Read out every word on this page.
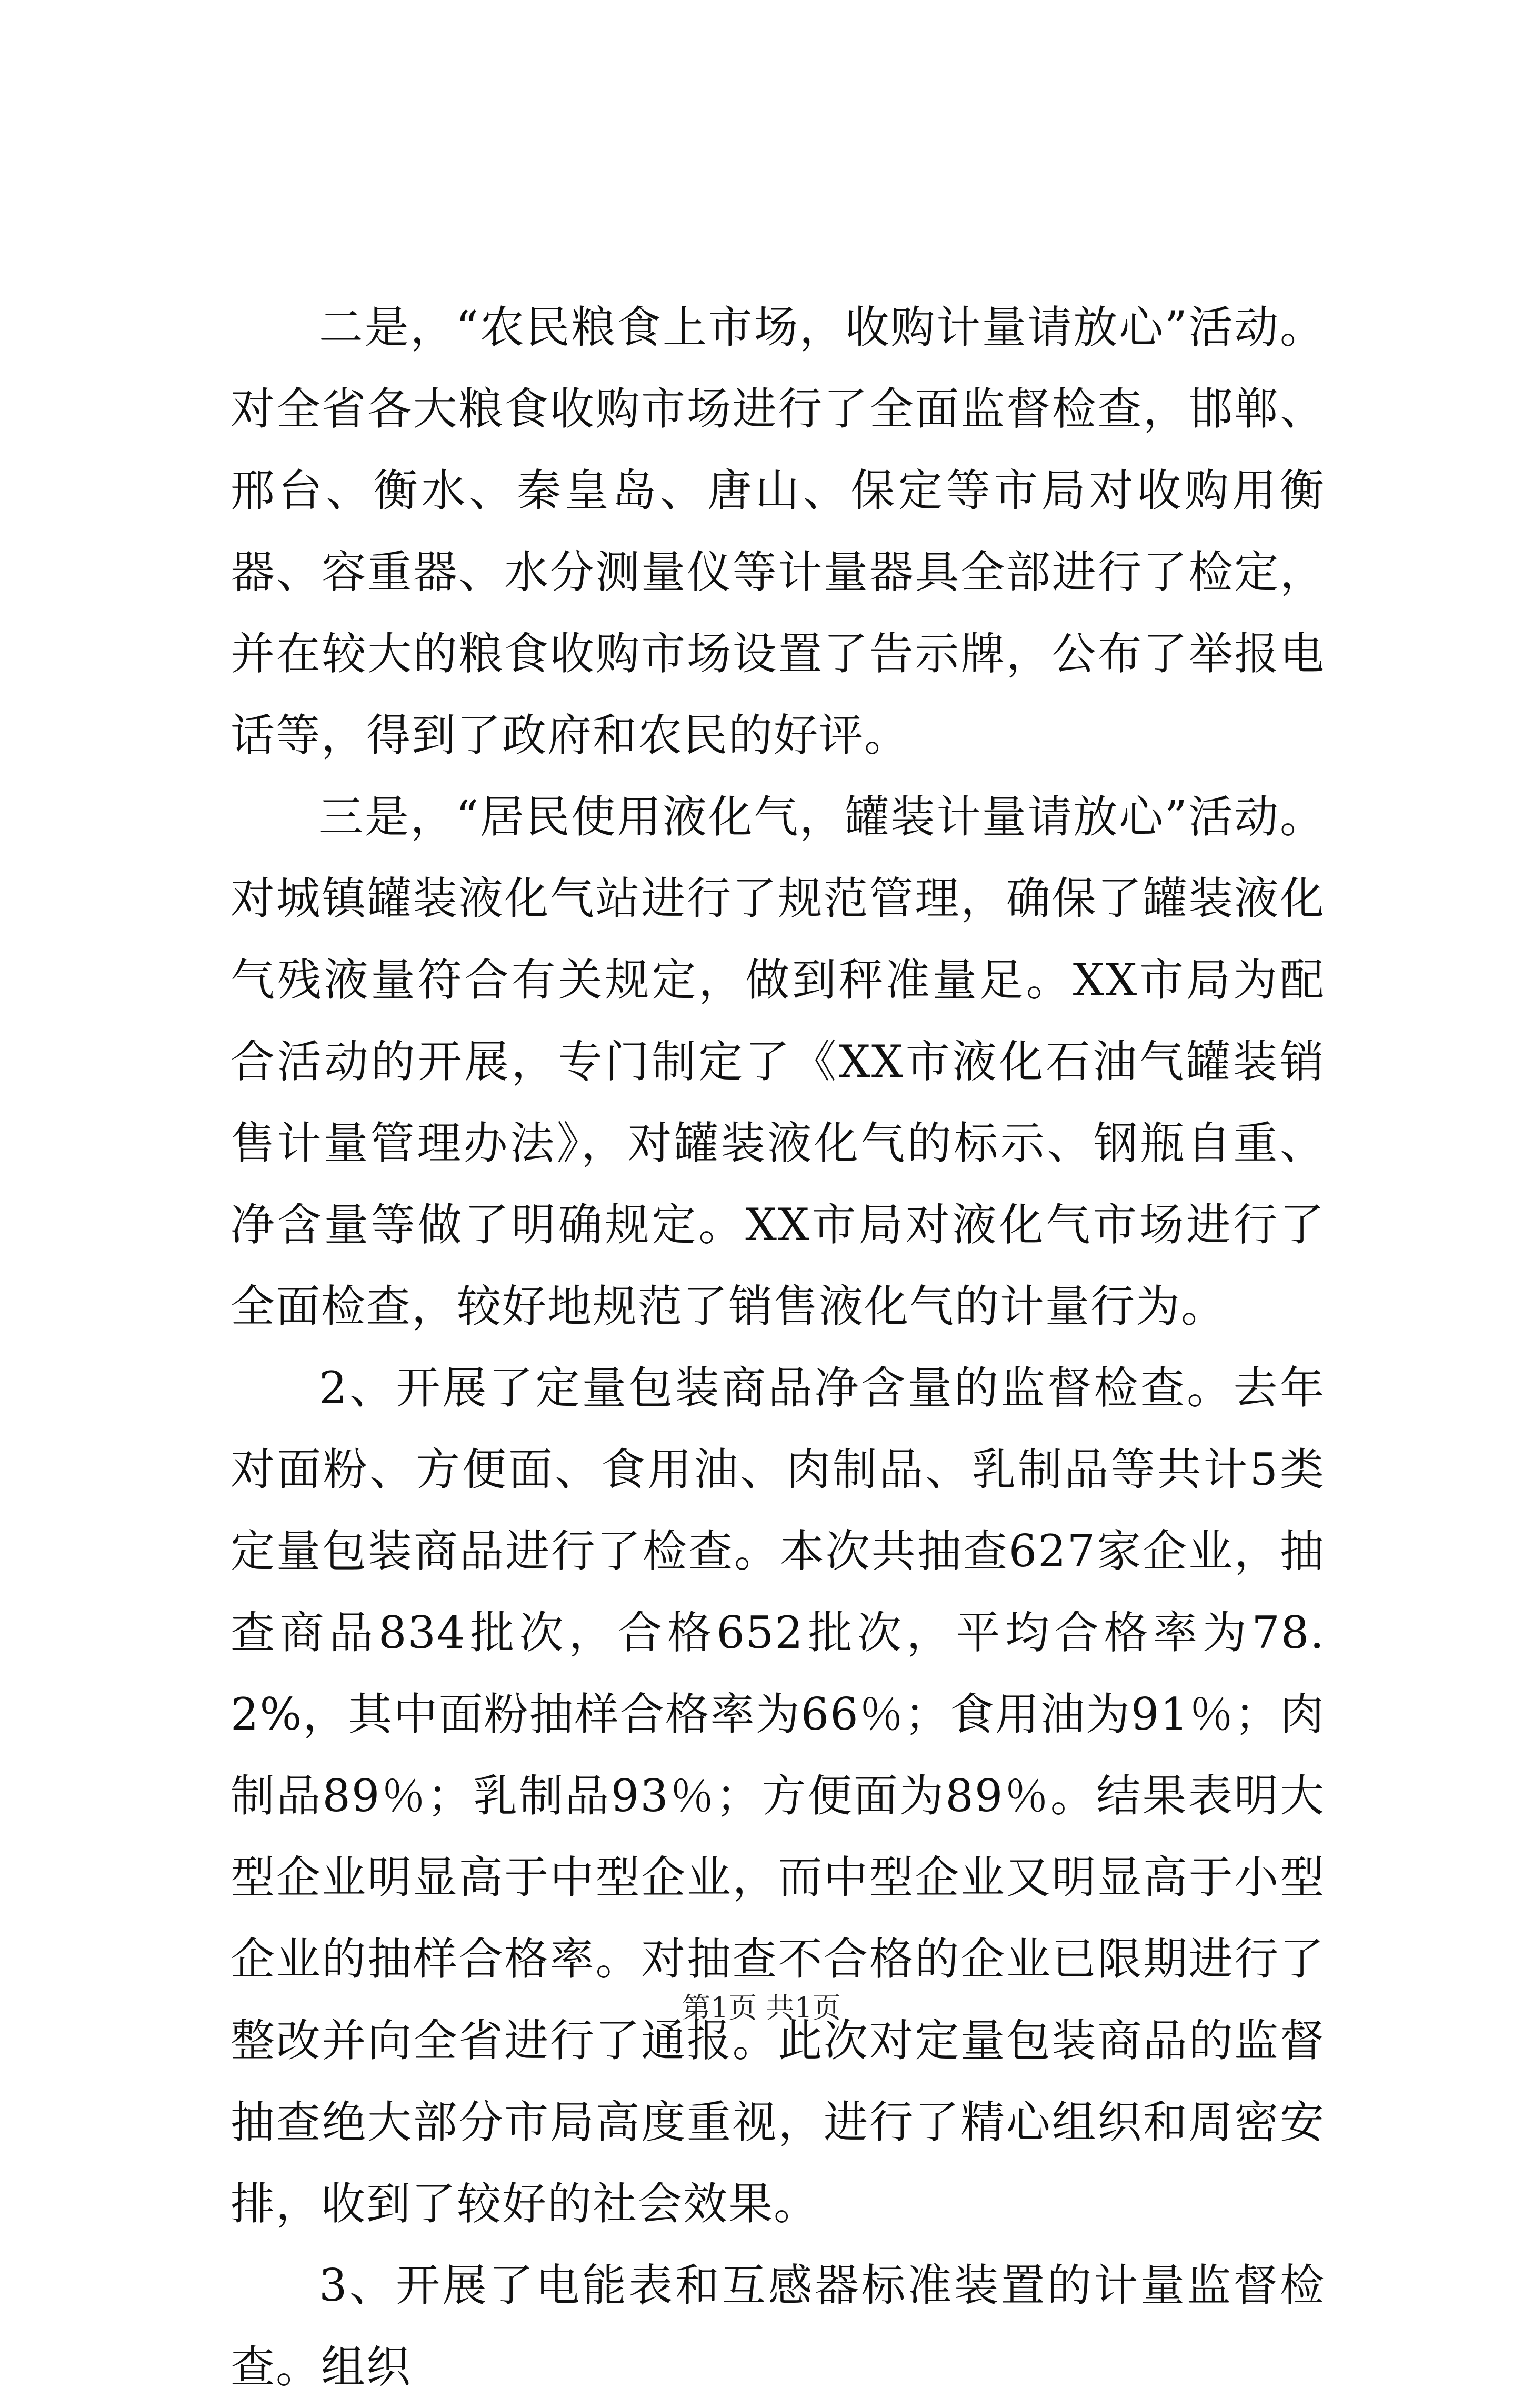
二是，“农民粮食上市场，收购计量请放心”活动。对全省各大粮食收购市场进行了全面监督检查，邯郸、邢台、衡水、秦皇岛、唐山、保定等市局对收购用衡器、容重器、水分测量仪等计量器具全部进行了检定，并在较大的粮食收购市场设置了告示牌，公布了举报电话等，得到了政府和农民的好评。

三是，“居民使用液化气，罐装计量请放心”活动。对城镇罐装液化气站进行了规范管理，确保了罐装液化气残液量符合有关规定，做到秤准量足。XX市局为配合活动的开展，专门制定了《XX市液化石油气罐装销售计量管理办法》，对罐装液化气的标示、钢瓶自重、净含量等做了明确规定。XX市局对液化气市场进行了全面检查，较好地规范了销售液化气的计量行为。

2、开展了定量包装商品净含量的监督检查。去年对面粉、方便面、食用油、肉制品、乳制品等共计5类定量包装商品进行了检查。本次共抽查627家企业，抽查商品834批次，合格652批次，平均合格率为78.2%，其中面粉抽样合格率为66％；食用油为91％；肉制品89％；乳制品93％；方便面为89％。结果表明大型企业明显高于中型企业，而中型企业又明显高于小型企业的抽样合格率。对抽查不合格的企业已限期进行了整改并向全省进行了通报。此次对定量包装商品的监督抽查绝大部分市局高度重视，进行了精心组织和周密安排，收到了较好的社会效果。

3、开展了电能表和互感器标准装置的计量监督检查。组织

第1页 共1页
